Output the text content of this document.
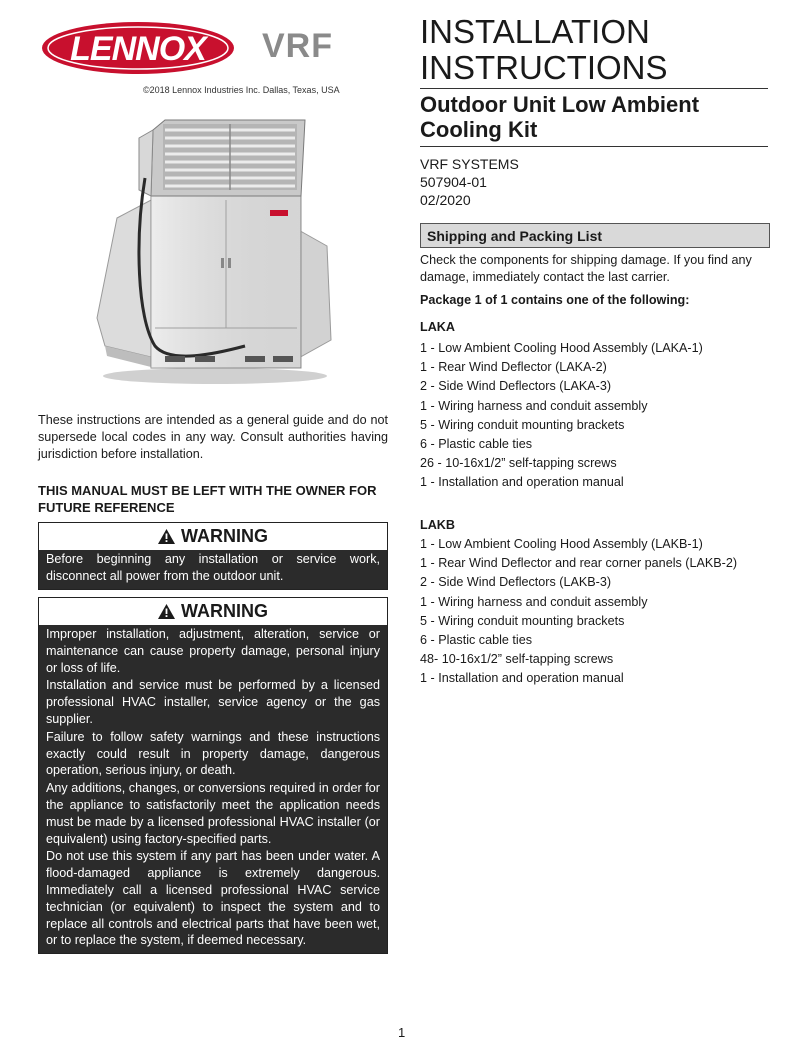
LENNOX VRF
©2018 Lennox Industries Inc. Dallas, Texas, USA
INSTALLATION INSTRUCTIONS
Outdoor Unit Low Ambient Cooling Kit
VRF SYSTEMS
507904-01
02/2020
Shipping and Packing List

Check the components for shipping damage. If you find any damage, immediately contact the last carrier.

Package 1 of 1 contains one of the following:

LAKA

1 - Low Ambient Cooling Hood Assembly (LAKA-1)
1 - Rear Wind Deflector (LAKA-2)
2 - Side Wind Deflectors (LAKA-3)
1 - Wiring harness and conduit assembly
5 - Wiring conduit mounting brackets
6 - Plastic cable ties
26 - 10-16x1/2” self-tapping screws
1 - Installation and operation manual

LAKB

1 - Low Ambient Cooling Hood Assembly (LAKB-1)
1 - Rear Wind Deflector and rear corner panels (LAKB-2)
2 - Side Wind Deflectors (LAKB-3)
1 - Wiring harness and conduit assembly
5 - Wiring conduit mounting brackets
6 - Plastic cable ties
48- 10-16x1/2” self-tapping screws
1 - Installation and operation manual

These instructions are intended as a general guide and do not supersede local codes in any way. Consult authorities having jurisdiction before installation.

THIS MANUAL MUST BE LEFT WITH THE OWNER FOR FUTURE REFERENCE

WARNING

Before beginning any installation or service work, disconnect all power from the outdoor unit.

WARNING

Improper installation, adjustment, alteration, service or maintenance can cause property damage, personal injury or loss of life.

Installation and service must be performed by a licensed professional HVAC installer, service agency or the gas supplier.

Failure to follow safety warnings and these instructions exactly could result in property damage, dangerous operation, serious injury, or death.

Any additions, changes, or conversions required in order for the appliance to satisfactorily meet the application needs must be made by a licensed professional HVAC installer (or equivalent) using factory-specified parts.

Do not use this system if any part has been under water. A flood-damaged appliance is extremely dangerous. Immediately call a licensed professional HVAC service technician (or equivalent) to inspect the system and to replace all controls and electrical parts that have been wet, or to replace the system, if deemed necessary.

1
